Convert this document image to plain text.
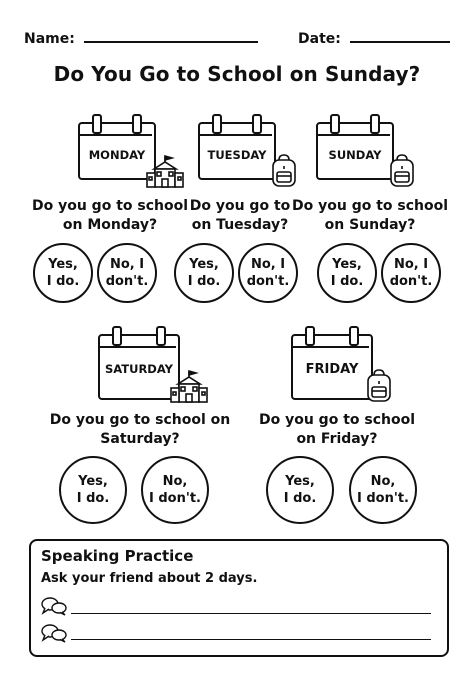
Name:	Date:
Do You Go to School on Sunday?
MONDAY
Do you go to school
on Monday?
Yes,
I do.
No, I
don't.
TUESDAY
Do you go to
on Tuesday?
Yes,
I do.
No, I
don't.
SUNDAY
Do you go to school
on Sunday?
Yes,
I do.
No, I
don't.
SATURDAY
Do you go to school on
Saturday?
Yes,
I do.
No,
I don't.
FRIDAY
Do you go to school
on Friday?
Yes,
I do.
No,
I don't.
Speaking Practice
Ask your friend about 2 days.
